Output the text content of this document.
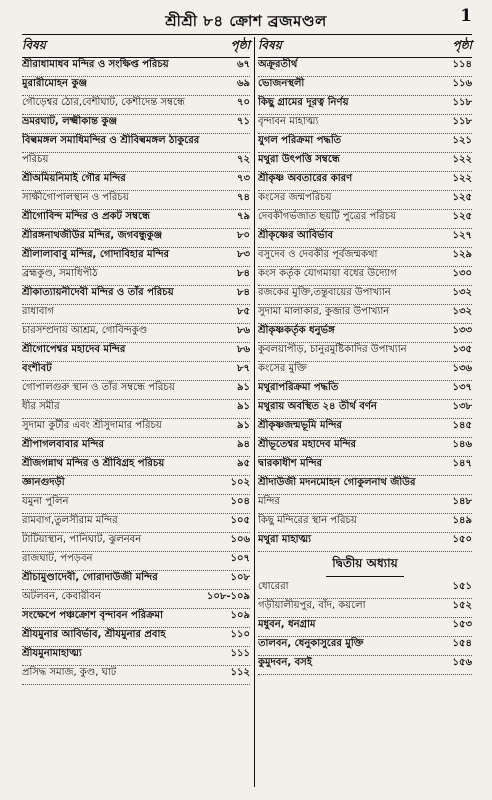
শ্রীশ্রী ৮৪ ক্রোশ ব্রজমণ্ডল	1
বিষয়	পৃষ্ঠা
শ্রীরাধামাধব মন্দির ও সংক্ষিপ্ত পরিচয়	৬৭
মুরারীমোহন কুঞ্জ	৬৯
গৌড়েশ্বর ঠোর,বেশীঘাট, কেশীদেন্ত সম্বন্ধে	৭০
ভ্রমরঘাট, লক্ষ্মীকান্ত কুঞ্জ	৭১
বিল্বমঙ্গল সমাধিমন্দির ও শ্রীবিল্বমঙ্গল ঠাকুরের
পরিচয়	৭২
শ্রীঅমিয়নিমাই গৌর মন্দির	৭৩
সাক্ষীগোপালস্থান ও পরিচয়	৭৪
শ্রীগোবিন্দ মন্দির ও প্রকট সম্বন্ধে	৭৯
শ্রীরঙ্গনাথজীউর মন্দির, জগবন্ধুকুঞ্জ	৮০
শ্রীলালাবাবু মন্দির, গোদাবিহার মন্দির	৮৩
ব্রহ্মকুণ্ড, সমাধিপীঠ	৮৪
শ্রীকাত্যায়নীদেবী মন্দির ও তাঁর পরিচয়	৮৪
রাধাবাগ	৮৫
চারসম্প্রদায় আশ্রম, গোবিন্দকুণ্ড	৮৬
শ্রীগোপেশ্বর মহাদেব মন্দির	৮৬
বংশীবট	৮৭
গোপালগুরু স্থান ও তাঁর সম্বন্ধে পরিচয়	৯১
ধীর সমীর	৯১
সুদামা কুটীর এবং শ্রীসুদামার পরিচয়	৯১
শ্রীপাগলবাবার মন্দির	৯৪
শ্রীজগন্নাথ মন্দির ও শ্রীবিগ্রহ পরিচয়	৯৫
জ্ঞানগুদড়ী	১০২
যমুনা পুলিন	১০৪
রামবাগ,তুলসীরাম মন্দির	১০৫
টাটিয়াস্থান, পানিঘাট, ঝুলনবন	১০৬
রাজঘাট, পপড়বন	১০৭
শ্রীচামুণ্ডাদেবী, গোরাদাউজী মন্দির	১০৮
অটলবন, কেবারীবন	১০৮-১০৯
সংক্ষেপে পঞ্চক্রোশ বৃন্দাবন পরিক্রমা	১০৯
শ্রীযমুনার আবির্ভাব, শ্রীযমুনার প্রবাহ	১১০
শ্রীযমুনামাহাত্ম্য	১১১
প্রসিদ্ধ সমাজ, কুণ্ড, ঘাট	১১২
বিষয়	পৃষ্ঠা
অক্রূরতীর্থ	১১৪
ভোজনস্থলী	১১৬
কিছু গ্রামের দূরত্ব নির্ণয়	১১৮
বৃন্দাবন মাহাত্ম্য	১১৮
যুগল পরিক্রমা পদ্ধতি	১২১
মথুরা উৎপত্তি সম্বন্ধে	১২২
শ্রীকৃষ্ণ অবতারের কারণ	১২২
কংসের জন্মপরিচয়	১২৫
দেবকীগর্ভজাত ছয়টি পুত্রের পরিচয়	১২৫
শ্রীকৃষ্ণের আবির্ভাব	১২৭
বসুদেব ও দেবকীর পূর্বজন্মকথা	১২৯
কংস কর্তৃক যোগমায়া বধের উদ্যোগ	১৩০
রজকের মুক্তি,তন্তুবায়ের উপাখ্যান	১৩২
সুদামা মালাকার, কুব্জার উপাখ্যান	১৩২
শ্রীকৃষ্ণকর্তৃক ধনুর্ভঙ্গ	১৩৩
কুবলয়াপীড়, চানুরমুষ্টিকাদির উপাখ্যান	১৩৫
কংসের মুক্তি	১৩৬
মথুরাপরিক্রমা পদ্ধতি	১৩৭
মথুরায় অবস্থিত ২৪ তীর্থ বর্ণন	১৩৮
শ্রীকৃষ্ণজন্মভূমি মন্দির	১৪৫
শ্রীভূতেশ্বর মহাদেব মন্দির	১৪৬
দ্বারকাধীশ মন্দির	১৪৭
শ্রীদাউজী মদনমোহন গোকুলনাথ জীউর
মন্দির	১৪৮
কিছু মন্দিরের স্থান পরিচয়	১৪৯
মথুরা মাহাত্ম্য	১৫০
দ্বিতীয় অধ্যায়
ধোরেরা	১৫১
গড়ীয়ালীয়পুর, বাঁদ, কয়লো	১৫২
মধুবন, ধনগ্রাম	১৫৩
তালবন, ধেনুকাসুরের মুক্তি	১৫৪
কুমুদবন, বসই	১৫৬
